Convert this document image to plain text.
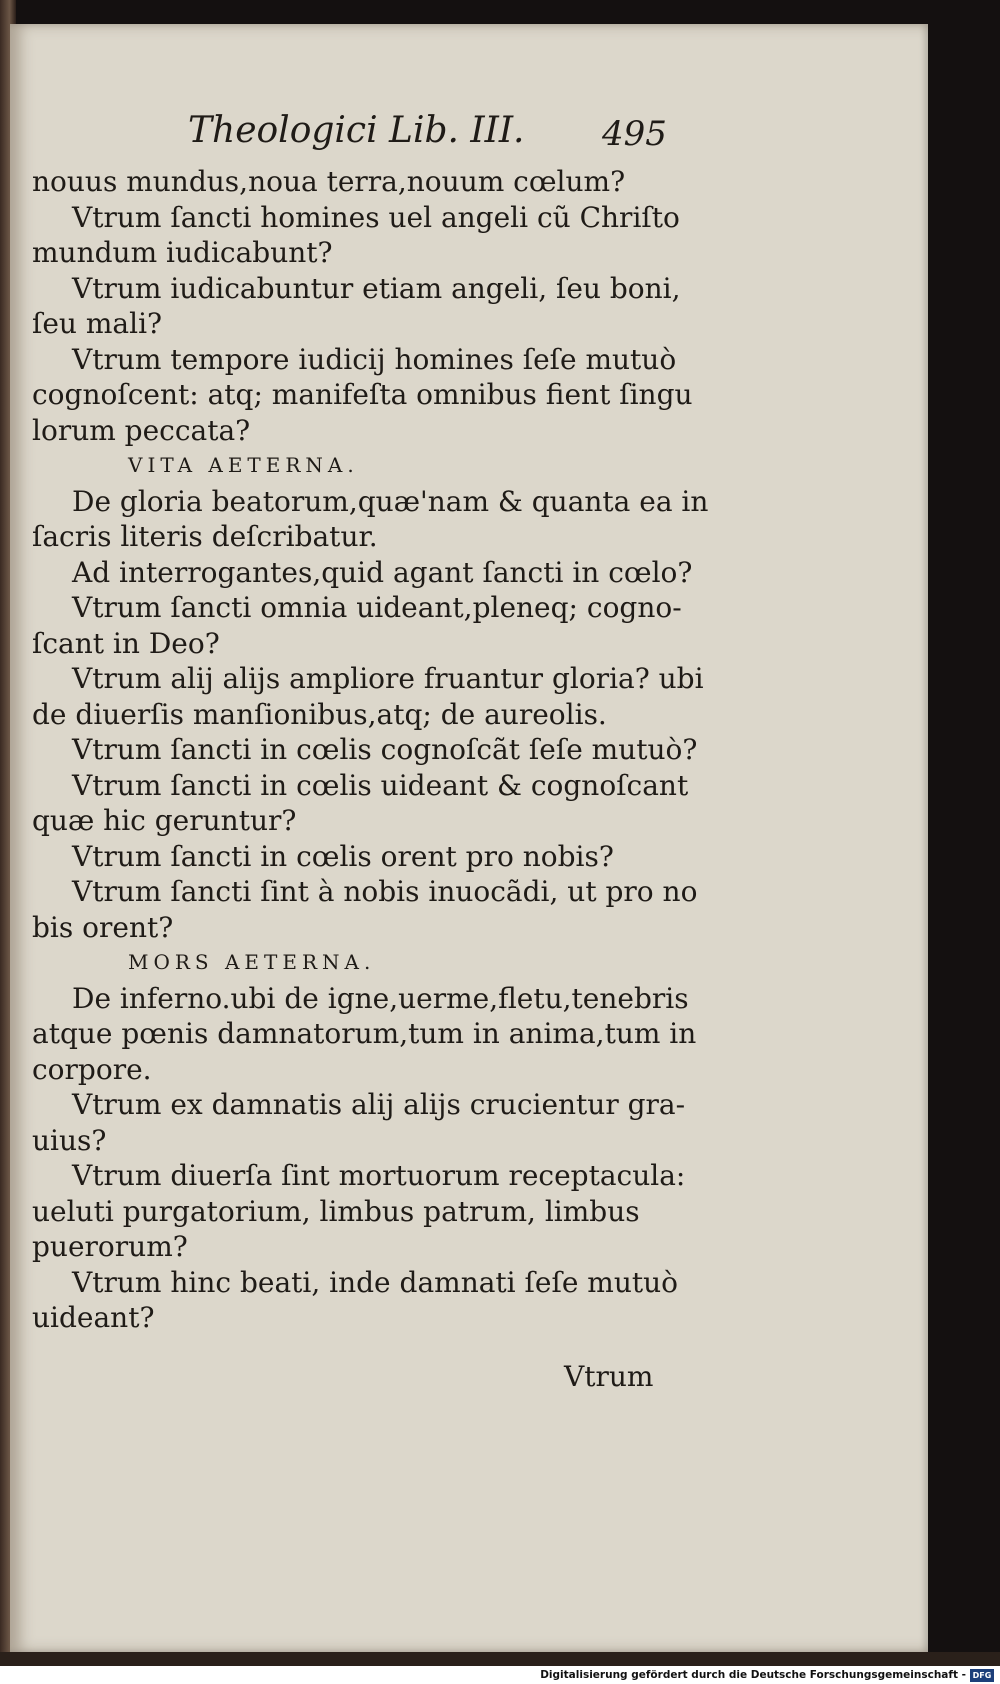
Theologici Lib. III. 495
nouus mundus,noua terra,nouum cœlum?
Vtrum ſancti homines uel angeli cũ Chriſto
mundum iudicabunt?
Vtrum iudicabuntur etiam angeli, ſeu boni,
ſeu mali?
Vtrum tempore iudicij homines ſeſe mutuò
cognoſcent: atq; manifeſta omnibus fient ſingu
lorum peccata?
VITA AETERNA.
De gloria beatorum,quæ'nam & quanta ea in
ſacris literis deſcribatur.
Ad interrogantes,quid agant ſancti in cœlo?
Vtrum ſancti omnia uideant,pleneq; cogno-
ſcant in Deo?
Vtrum alij alijs ampliore fruantur gloria? ubi
de diuerſis manſionibus,atq; de aureolis.
Vtrum ſancti in cœlis cognoſcãt ſeſe mutuò?
Vtrum ſancti in cœlis uideant & cognoſcant
quæ hic geruntur?
Vtrum ſancti in cœlis orent pro nobis?
Vtrum ſancti ſint à nobis inuocãdi, ut pro no
bis orent?
MORS AETERNA.
De inferno.ubi de igne,uerme,fletu,tenebris
atque pœnis damnatorum,tum in anima,tum in
corpore.
Vtrum ex damnatis alij alijs crucientur gra-
uius?
Vtrum diuerſa ſint mortuorum receptacula:
ueluti purgatorium, limbus patrum, limbus
puerorum?
Vtrum hinc beati, inde damnati ſeſe mutuò
uideant?
Vtrum
Digitalisierung gefördert durch die Deutsche Forschungsgemeinschaft - DFG
